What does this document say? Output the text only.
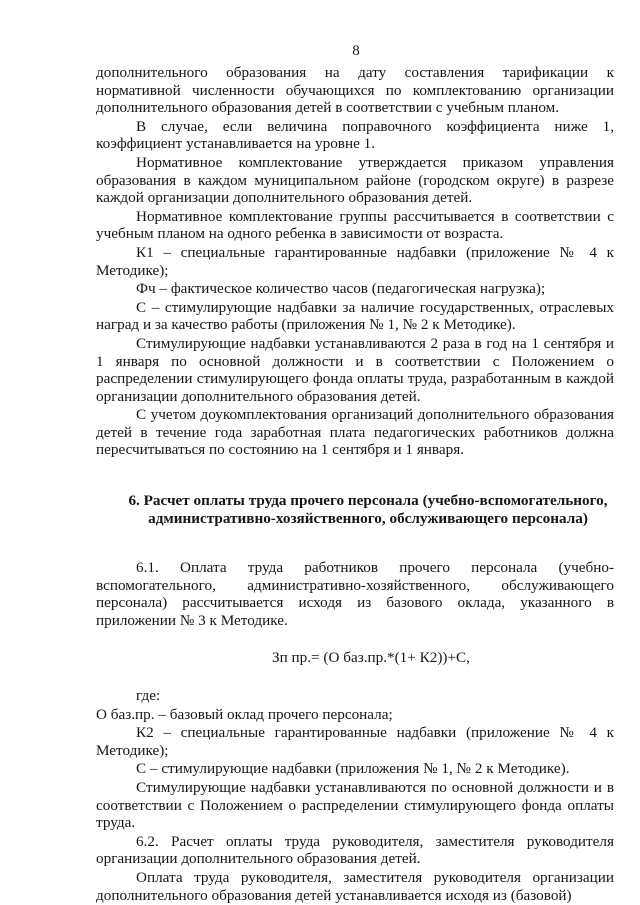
8

дополнительного образования на дату составления тарификации к нормативной численности обучающихся по комплектованию организации дополнительного образования детей в соответствии с учебным планом.

В случае, если величина поправочного коэффициента ниже 1, коэффициент устанавливается на уровне 1.

Нормативное комплектование утверждается приказом управления образования в каждом муниципальном районе (городском округе) в разрезе каждой организации дополнительного образования детей.

Нормативное комплектование группы рассчитывается в соответствии с учебным планом на одного ребенка в зависимости от возраста.

К1 – специальные гарантированные надбавки (приложение № 4 к Методике);

Фч – фактическое количество часов (педагогическая нагрузка);

С – стимулирующие надбавки за наличие государственных, отраслевых наград и за качество работы (приложения № 1, № 2 к Методике).

Стимулирующие надбавки устанавливаются 2 раза в год на 1 сентября и 1 января по основной должности и в соответствии с Положением о распределении стимулирующего фонда оплаты труда, разработанным в каждой организации дополнительного образования детей.

С учетом доукомплектования организаций дополнительного образования детей в течение года заработная плата педагогических работников должна пересчитываться по состоянию на 1 сентября и 1 января.

6. Расчет оплаты труда прочего персонала (учебно-вспомогательного, административно-хозяйственного, обслуживающего персонала)

6.1. Оплата труда работников прочего персонала (учебно-вспомогательного, административно-хозяйственного, обслуживающего персонала) рассчитывается исходя из базового оклада, указанного в приложении № 3 к Методике.

Зп пр.= (О баз.пр.*(1+ К2))+С,

где:

О баз.пр. – базовый оклад прочего персонала;

К2 – специальные гарантированные надбавки (приложение № 4 к Методике);

С – стимулирующие надбавки (приложения № 1, № 2 к Методике).

Стимулирующие надбавки устанавливаются по основной должности и в соответствии с Положением о распределении стимулирующего фонда оплаты труда.

6.2. Расчет оплаты труда руководителя, заместителя руководителя организации дополнительного образования детей.

Оплата труда руководителя, заместителя руководителя организации дополнительного образования детей устанавливается исходя из (базовой)
